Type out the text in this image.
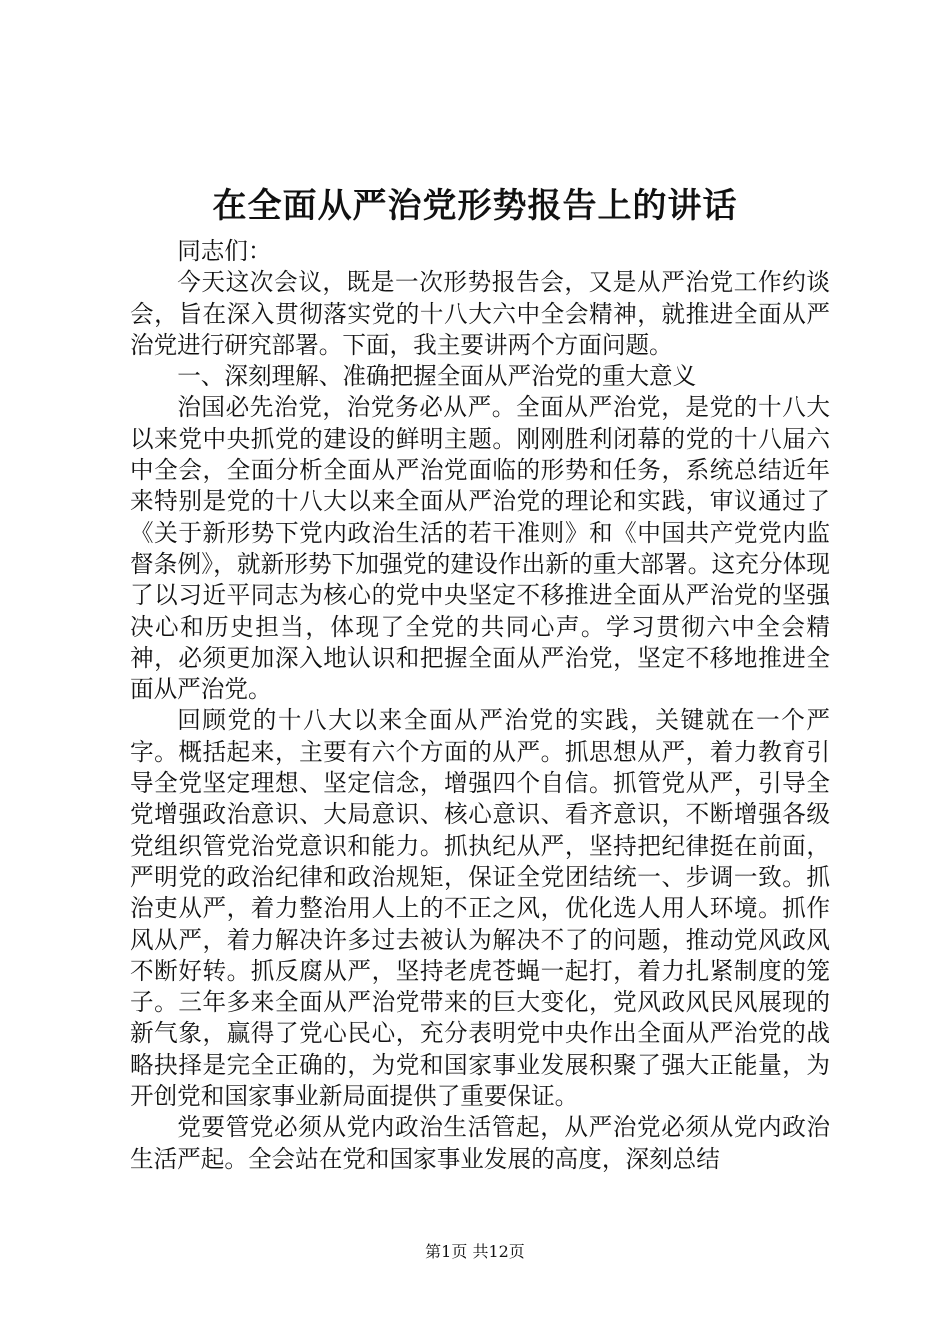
在全面从严治党形势报告上的讲话

同志们：

今天这次会议，既是一次形势报告会，又是从严治党工作约谈会，旨在深入贯彻落实党的十八大六中全会精神，就推进全面从严治党进行研究部署。下面，我主要讲两个方面问题。

一、深刻理解、准确把握全面从严治党的重大意义

治国必先治党，治党务必从严。全面从严治党，是党的十八大以来党中央抓党的建设的鲜明主题。刚刚胜利闭幕的党的十八届六中全会，全面分析全面从严治党面临的形势和任务，系统总结近年来特别是党的十八大以来全面从严治党的理论和实践，审议通过了《关于新形势下党内政治生活的若干准则》和《中国共产党党内监督条例》，就新形势下加强党的建设作出新的重大部署。这充分体现了以习近平同志为核心的党中央坚定不移推进全面从严治党的坚强决心和历史担当，体现了全党的共同心声。学习贯彻六中全会精神，必须更加深入地认识和把握全面从严治党，坚定不移地推进全面从严治党。

回顾党的十八大以来全面从严治党的实践，关键就在一个严字。概括起来，主要有六个方面的从严。抓思想从严，着力教育引导全党坚定理想、坚定信念，增强四个自信。抓管党从严，引导全党增强政治意识、大局意识、核心意识、看齐意识，不断增强各级党组织管党治党意识和能力。抓执纪从严，坚持把纪律挺在前面，严明党的政治纪律和政治规矩，保证全党团结统一、步调一致。抓治吏从严，着力整治用人上的不正之风，优化选人用人环境。抓作风从严，着力解决许多过去被认为解决不了的问题，推动党风政风不断好转。抓反腐从严，坚持老虎苍蝇一起打，着力扎紧制度的笼子。三年多来全面从严治党带来的巨大变化，党风政风民风展现的新气象，赢得了党心民心，充分表明党中央作出全面从严治党的战略抉择是完全正确的，为党和国家事业发展积聚了强大正能量，为开创党和国家事业新局面提供了重要保证。

党要管党必须从党内政治生活管起，从严治党必须从党内政治生活严起。全会站在党和国家事业发展的高度，深刻总结

第1页 共12页
